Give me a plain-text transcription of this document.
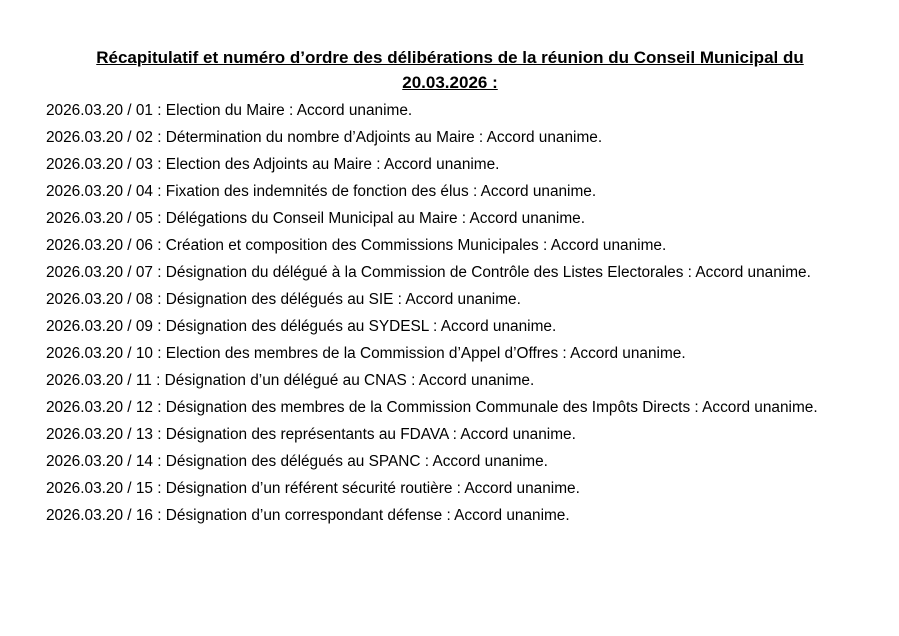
Récapitulatif et numéro d’ordre des délibérations de la réunion du Conseil Municipal du
20.03.2026 :
2026.03.20 / 01 : Election du Maire : Accord unanime.
2026.03.20 / 02 : Détermination du nombre d’Adjoints au Maire : Accord unanime.
2026.03.20 / 03 : Election des Adjoints au Maire : Accord unanime.
2026.03.20 / 04 : Fixation des indemnités de fonction des élus : Accord unanime.
2026.03.20 / 05 : Délégations du Conseil Municipal au Maire : Accord unanime.
2026.03.20 / 06 : Création et composition des Commissions Municipales : Accord unanime.
2026.03.20 / 07 : Désignation du délégué à la Commission de Contrôle des Listes Electorales : Accord unanime.
2026.03.20 / 08 : Désignation des délégués au SIE : Accord unanime.
2026.03.20 / 09 : Désignation des délégués au SYDESL : Accord unanime.
2026.03.20 / 10 : Election des membres de la Commission d’Appel d’Offres : Accord unanime.
2026.03.20 / 11 : Désignation d’un délégué au CNAS : Accord unanime.
2026.03.20 / 12 : Désignation des membres de la Commission Communale des Impôts Directs : Accord unanime.
2026.03.20 / 13 : Désignation des représentants au FDAVA : Accord unanime.
2026.03.20 / 14 : Désignation des délégués au SPANC : Accord unanime.
2026.03.20 / 15 : Désignation d’un référent sécurité routière : Accord unanime.
2026.03.20 / 16 : Désignation d’un correspondant défense : Accord unanime.
